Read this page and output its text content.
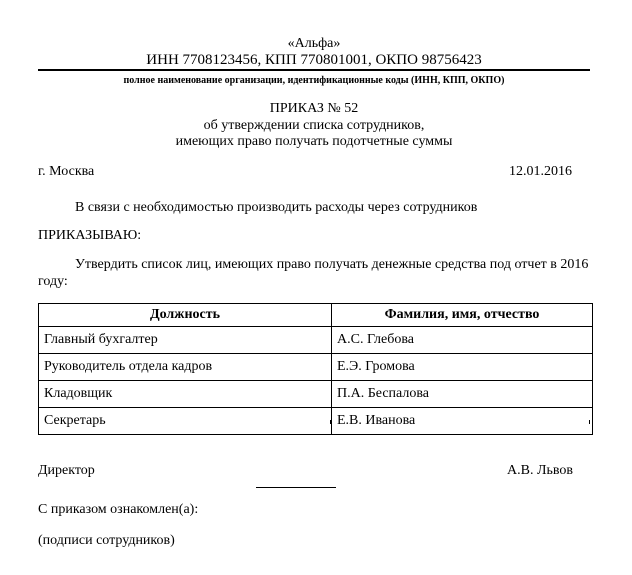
«Альфа»
ИНН 7708123456, КПП 770801001, ОКПО 98756423
полное наименование организации, идентификационные коды (ИНН, КПП, ОКПО)
ПРИКАЗ № 52
об утверждении списка сотрудников,
имеющих право получать подотчетные суммы
г. Москва	12.01.2016
В связи с необходимостью производить расходы через сотрудников
ПРИКАЗЫВАЮ:
Утвердить список лиц, имеющих право получать денежные средства под отчет в 2016 году:
Должность	Фамилия, имя, отчество
Главный бухгалтер	А.С. Глебова
Руководитель отдела кадров	Е.Э. Громова
Кладовщик	П.А. Беспалова
Секретарь	Е.В. Иванова
Директор	А.В. Львов
С приказом ознакомлен(а):
(подписи сотрудников)
